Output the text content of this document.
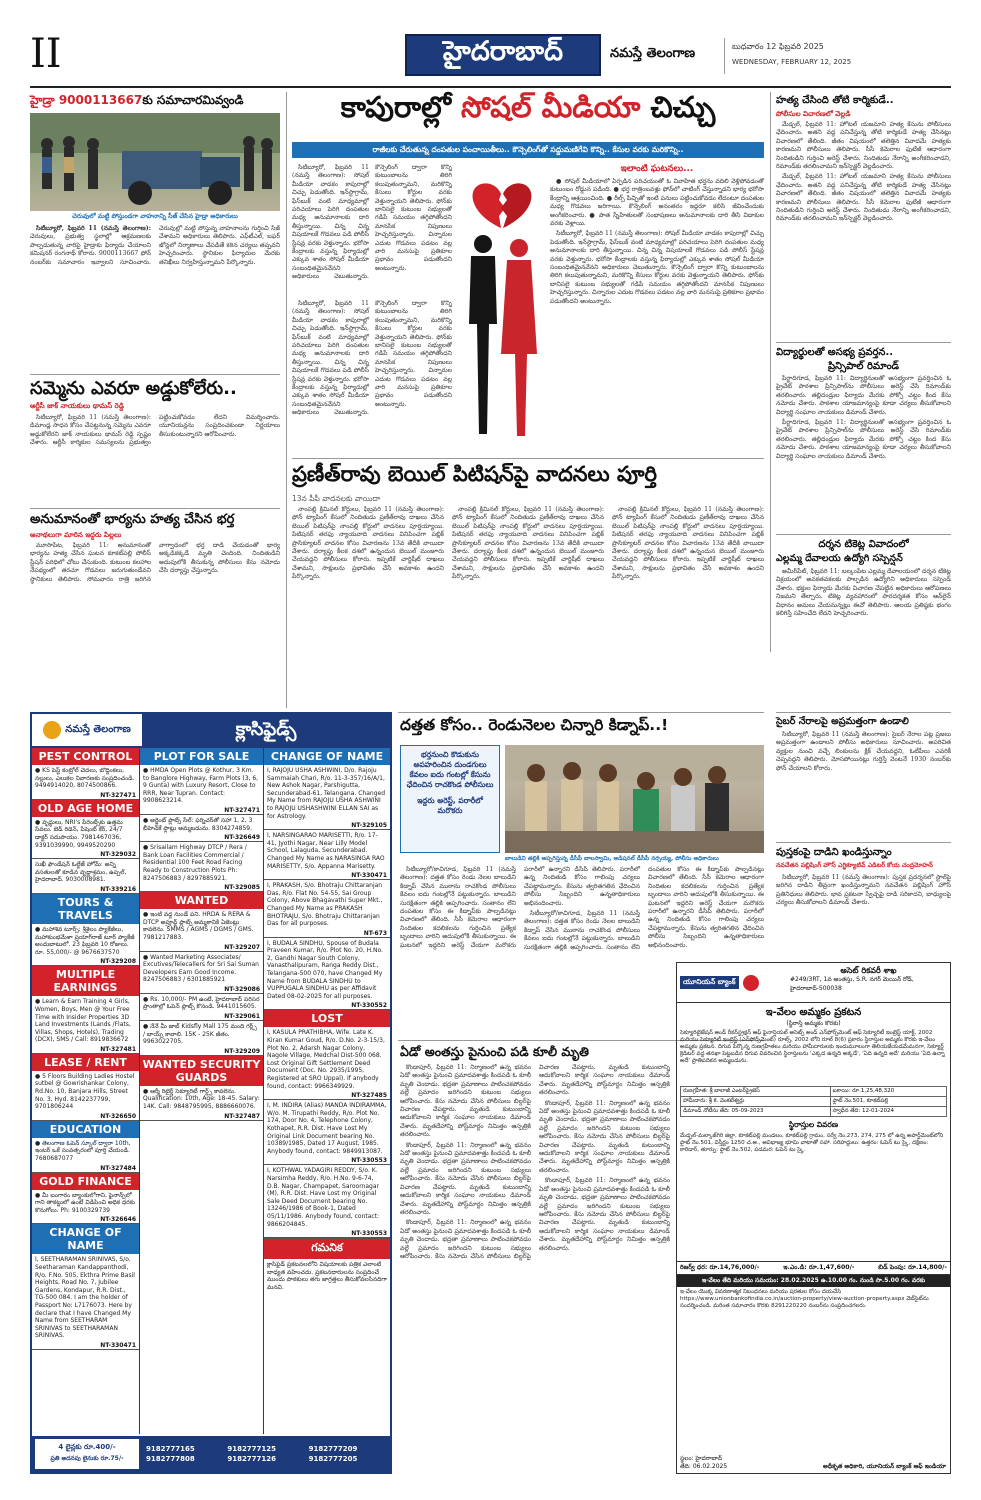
II	హైదరాబాద్	నమస్తే తెలంగాణ	బుధవారం 12 ఫిబ్రవరి 2025
WEDNESDAY, FEBRUARY 12, 2025
హైడ్రా 9000113667కు సమాచారమివ్వండి
చెరువులో మట్టి పోస్తుండగా వాహనాన్ని సీజ్ చేసిన హైడ్రా అధికారులు

సిటీబ్యూరో, ఫిబ్రవరి 11 (నమస్తే తెలంగాణ): చెరువులు, ప్రభుత్వ స్థలాల్లో ఆక్రమణలకు పాల్పడుతున్న వారిపై హైడ్రాకు ఫిర్యాదు చేయాలని కమిషనర్ రంగనాథ్ కోరారు. 9000113667 ఫోన్ నంబర్‌కు సమాచారం ఇవ్వాలని సూచించారు. చెరువుల్లో మట్టి పోస్తున్న వాహనాలను గుర్తించి సీజ్ చేశామని అధికారులు తెలిపారు. ఎఫ్‌టీఎల్, బఫర్ జోన్లలో నిర్మాణాలు చేపడితే కఠిన చర్యలు తప్పవని హెచ్చరించారు. స్థానికుల ఫిర్యాదుల మేరకు తనిఖీలు నిర్వహిస్తున్నామని పేర్కొన్నారు.

సమ్మెను ఎవరూ అడ్డుకోలేరు..
ఆర్టీసీ జాక్ నాయకులు థామస్ రెడ్డి

సిటీబ్యూరో, ఫిబ్రవరి 11 (నమస్తే తెలంగాణ): డిమాండ్ల సాధన కోసం చేపట్టనున్న సమ్మెను ఎవరూ అడ్డుకోలేరని జాక్ నాయకులు థామస్ రెడ్డి స్పష్టం చేశారు. ఆర్టీసీ కార్మికుల సమస్యలను ప్రభుత్వం పట్టించుకోవడం లేదని విమర్శించారు. యూనియన్లను సంప్రదించకుండా నిర్ణయాలు తీసుకుంటున్నారని ఆరోపించారు.

అనుమానంతో భార్యను హత్య చేసిన భర్త
అనాథలుగా మారిన ఇద్దరు పిల్లలు

మూసాపేట, ఫిబ్రవరి 11: అనుమానంతో భార్యను హత్య చేసిన ఘటన కూకట్‌పల్లి పోలీస్ స్టేషన్ పరిధిలో చోటు చేసుకుంది. కుటుంబ కలహాల నేపథ్యంలో తరచూ గొడవలు జరుగుతుండేవని స్థానికులు తెలిపారు. సోమవారం రాత్రి జరిగిన వాగ్వాదంలో భర్త దాడి చేయడంతో భార్య అక్కడికక్కడే మృతి చెందింది. నిందితుడిని అదుపులోకి తీసుకున్న పోలీసులు కేసు నమోదు చేసి దర్యాప్తు చేస్తున్నారు.

కాపురాల్లో సోషల్ మీడియా చిచ్చు
రాజీలకు చేరుతున్న దంపతుల పంచాయితీలు.. కౌన్సెలింగ్‌తో సద్దుమణిగేవి కొన్ని.. కేసుల వరకు మరికొన్ని..

సిటీబ్యూరో, ఫిబ్రవరి 11 (నమస్తే తెలంగాణ): సోషల్ మీడియా వాడకం కాపురాల్లో చిచ్చు పెడుతోంది. ఇన్‌స్టాగ్రామ్, ఫేస్‌బుక్ వంటి మాధ్యమాల్లో పరిచయాలు పెరిగి దంపతుల మధ్య అనుమానాలకు దారి తీస్తున్నాయి. చిన్న చిన్న విషయాలకే గొడవలు పడి పోలీస్ స్టేషన్ల వరకు వెళ్తున్నారు. భరోసా కేంద్రాలకు వస్తున్న ఫిర్యాదుల్లో ఎక్కువ శాతం సోషల్ మీడియా సంబంధితమైనవేనని అధికారులు చెబుతున్నారు. కౌన్సెలింగ్ ద్వారా కొన్ని కుటుంబాలను తిరిగి కలుపుతున్నామని, మరికొన్ని కేసులు కోర్టుల వరకు వెళ్తున్నాయని తెలిపారు. ఫోన్‌కు బానిసలై కుటుంబ సభ్యులతో గడిపే సమయం తగ్గిపోతోందని మానసిక నిపుణులు హెచ్చరిస్తున్నారు. చిన్నారుల ఎదుట గొడవలు పడటం వల్ల వారి మనసుపై ప్రతికూల ప్రభావం పడుతోందని అంటున్నారు.

సిటీబ్యూరో, ఫిబ్రవరి 11 (నమస్తే తెలంగాణ): సోషల్ మీడియా వాడకం కాపురాల్లో చిచ్చు పెడుతోంది. ఇన్‌స్టాగ్రామ్, ఫేస్‌బుక్ వంటి మాధ్యమాల్లో పరిచయాలు పెరిగి దంపతుల మధ్య అనుమానాలకు దారి తీస్తున్నాయి. చిన్న చిన్న విషయాలకే గొడవలు పడి పోలీస్ స్టేషన్ల వరకు వెళ్తున్నారు. భరోసా కేంద్రాలకు వస్తున్న ఫిర్యాదుల్లో ఎక్కువ శాతం సోషల్ మీడియా సంబంధితమైనవేనని అధికారులు చెబుతున్నారు. కౌన్సెలింగ్ ద్వారా కొన్ని కుటుంబాలను తిరిగి కలుపుతున్నామని, మరికొన్ని కేసులు కోర్టుల వరకు వెళ్తున్నాయని తెలిపారు. ఫోన్‌కు బానిసలై కుటుంబ సభ్యులతో గడిపే సమయం తగ్గిపోతోందని మానసిక నిపుణులు హెచ్చరిస్తున్నారు. చిన్నారుల ఎదుట గొడవలు పడటం వల్ల వారి మనసుపై ప్రతికూల ప్రభావం పడుతోందని అంటున్నారు.

ఇలాంటి ఘటనలు...

● సోషల్ మీడియాలో ఏర్పడిన పరిచయంతో ఓ వివాహిత భర్తను వదిలి వెళ్లిపోవడంతో కుటుంబం రోడ్డున పడింది. ● భర్త రాత్రింబవళ్లు ఫోన్‌లో చాటింగ్ చేస్తున్నాడని భార్య భరోసా కేంద్రాన్ని ఆశ్రయించింది. ● రీల్స్ పిచ్చితో ఇంటి పనులు పట్టించుకోవడం లేదంటూ దంపతుల మధ్య గొడవలు జరిగాయి. కౌన్సెలింగ్ అనంతరం ఇద్దరూ కలిసి జీవించేందుకు అంగీకరించారు. ● పాత స్నేహితులతో సంభాషణలు అనుమానాలకు దారి తీసి విడాకుల వరకు వెళ్లాయి.

సిటీబ్యూరో, ఫిబ్రవరి 11 (నమస్తే తెలంగాణ): సోషల్ మీడియా వాడకం కాపురాల్లో చిచ్చు పెడుతోంది. ఇన్‌స్టాగ్రామ్, ఫేస్‌బుక్ వంటి మాధ్యమాల్లో పరిచయాలు పెరిగి దంపతుల మధ్య అనుమానాలకు దారి తీస్తున్నాయి. చిన్న చిన్న విషయాలకే గొడవలు పడి పోలీస్ స్టేషన్ల వరకు వెళ్తున్నారు. భరోసా కేంద్రాలకు వస్తున్న ఫిర్యాదుల్లో ఎక్కువ శాతం సోషల్ మీడియా సంబంధితమైనవేనని అధికారులు చెబుతున్నారు. కౌన్సెలింగ్ ద్వారా కొన్ని కుటుంబాలను తిరిగి కలుపుతున్నామని, మరికొన్ని కేసులు కోర్టుల వరకు వెళ్తున్నాయని తెలిపారు. ఫోన్‌కు బానిసలై కుటుంబ సభ్యులతో గడిపే సమయం తగ్గిపోతోందని మానసిక నిపుణులు హెచ్చరిస్తున్నారు. చిన్నారుల ఎదుట గొడవలు పడటం వల్ల వారి మనసుపై ప్రతికూల ప్రభావం పడుతోందని అంటున్నారు.

ప్రణీత్‌రావు బెయిల్ పిటిషన్‌పై వాదనలు పూర్తి
13న పీపీ వాదనలకు వాయిదా

నాంపల్లి క్రిమినల్ కోర్టులు, ఫిబ్రవరి 11 (నమస్తే తెలంగాణ): ఫోన్ ట్యాపింగ్ కేసులో నిందితుడు ప్రణీత్‌రావు దాఖలు చేసిన బెయిల్ పిటిషన్‌పై నాంపల్లి కోర్టులో వాదనలు పూర్తయ్యాయి. పిటిషనర్ తరఫు న్యాయవాది వాదనలు వినిపించగా పబ్లిక్ ప్రాసిక్యూటర్ వాదనల కోసం విచారణను 13వ తేదీకి వాయిదా వేశారు. దర్యాప్తు కీలక దశలో ఉన్నందున బెయిల్ మంజూరు చేయవద్దని పోలీసులు కోరారు. ఇప్పటికే చార్జిషీట్ దాఖలు చేశామని, సాక్షులను ప్రభావితం చేసే అవకాశం ఉందని పేర్కొన్నారు.

నాంపల్లి క్రిమినల్ కోర్టులు, ఫిబ్రవరి 11 (నమస్తే తెలంగాణ): ఫోన్ ట్యాపింగ్ కేసులో నిందితుడు ప్రణీత్‌రావు దాఖలు చేసిన బెయిల్ పిటిషన్‌పై నాంపల్లి కోర్టులో వాదనలు పూర్తయ్యాయి. పిటిషనర్ తరఫు న్యాయవాది వాదనలు వినిపించగా పబ్లిక్ ప్రాసిక్యూటర్ వాదనల కోసం విచారణను 13వ తేదీకి వాయిదా వేశారు. దర్యాప్తు కీలక దశలో ఉన్నందున బెయిల్ మంజూరు చేయవద్దని పోలీసులు కోరారు. ఇప్పటికే చార్జిషీట్ దాఖలు చేశామని, సాక్షులను ప్రభావితం చేసే అవకాశం ఉందని పేర్కొన్నారు.

నాంపల్లి క్రిమినల్ కోర్టులు, ఫిబ్రవరి 11 (నమస్తే తెలంగాణ): ఫోన్ ట్యాపింగ్ కేసులో నిందితుడు ప్రణీత్‌రావు దాఖలు చేసిన బెయిల్ పిటిషన్‌పై నాంపల్లి కోర్టులో వాదనలు పూర్తయ్యాయి. పిటిషనర్ తరఫు న్యాయవాది వాదనలు వినిపించగా పబ్లిక్ ప్రాసిక్యూటర్ వాదనల కోసం విచారణను 13వ తేదీకి వాయిదా వేశారు. దర్యాప్తు కీలక దశలో ఉన్నందున బెయిల్ మంజూరు చేయవద్దని పోలీసులు కోరారు. ఇప్పటికే చార్జిషీట్ దాఖలు చేశామని, సాక్షులను ప్రభావితం చేసే అవకాశం ఉందని పేర్కొన్నారు.

హత్య చేసింది తోటి కార్మికుడే..
పోలీసుల విచారణలో వెల్లడి

మేడ్చల్, ఫిబ్రవరి 11: హోటల్ యజమాని హత్య కేసును పోలీసులు ఛేదించారు. అతని వద్ద పనిచేస్తున్న తోటి కార్మికుడే హత్య చేసినట్లు విచారణలో తేలింది. జీతం విషయంలో తలెత్తిన వివాదమే హత్యకు కారణమని పోలీసులు తెలిపారు. సీసీ కెమెరాల ఫుటేజీ ఆధారంగా నిందితుడిని గుర్తించి అరెస్ట్ చేశారు. నిందితుడు నేరాన్ని అంగీకరించాడని, రిమాండ్‌కు తరలించామని ఇన్‌స్పెక్టర్ వెల్లడించారు.

మేడ్చల్, ఫిబ్రవరి 11: హోటల్ యజమాని హత్య కేసును పోలీసులు ఛేదించారు. అతని వద్ద పనిచేస్తున్న తోటి కార్మికుడే హత్య చేసినట్లు విచారణలో తేలింది. జీతం విషయంలో తలెత్తిన వివాదమే హత్యకు కారణమని పోలీసులు తెలిపారు. సీసీ కెమెరాల ఫుటేజీ ఆధారంగా నిందితుడిని గుర్తించి అరెస్ట్ చేశారు. నిందితుడు నేరాన్ని అంగీకరించాడని, రిమాండ్‌కు తరలించామని ఇన్‌స్పెక్టర్ వెల్లడించారు.

విద్యార్థులతో అసభ్య ప్రవర్తన..
ప్రిన్సిపాల్ రిమాండ్

పీర్జాదిగూడ, ఫిబ్రవరి 11: విద్యార్థినులతో అసభ్యంగా ప్రవర్తించిన ఓ ప్రైవేట్ పాఠశాల ప్రిన్సిపాల్‌ను పోలీసులు అరెస్ట్ చేసి రిమాండ్‌కు తరలించారు. తల్లిదండ్రుల ఫిర్యాదు మేరకు పోక్సో చట్టం కింద కేసు నమోదు చేశారు. పాఠశాల యాజమాన్యంపై కూడా చర్యలు తీసుకోవాలని విద్యార్థి సంఘాల నాయకులు డిమాండ్ చేశారు.

పీర్జాదిగూడ, ఫిబ్రవరి 11: విద్యార్థినులతో అసభ్యంగా ప్రవర్తించిన ఓ ప్రైవేట్ పాఠశాల ప్రిన్సిపాల్‌ను పోలీసులు అరెస్ట్ చేసి రిమాండ్‌కు తరలించారు. తల్లిదండ్రుల ఫిర్యాదు మేరకు పోక్సో చట్టం కింద కేసు నమోదు చేశారు. పాఠశాల యాజమాన్యంపై కూడా చర్యలు తీసుకోవాలని విద్యార్థి సంఘాల నాయకులు డిమాండ్ చేశారు.

దర్శన టికెట్ల వివాదంలో
ఎల్లమ్మ దేవాలయ ఉద్యోగి సస్పెన్షన్

అమీర్‌పేట్, ఫిబ్రవరి 11: బల్కంపేట ఎల్లమ్మ దేవాలయంలో దర్శన టికెట్ల విక్రయంలో అవకతవకలకు పాల్పడిన ఉద్యోగిని అధికారులు సస్పెండ్ చేశారు. భక్తుల ఫిర్యాదు మేరకు విచారణ చేపట్టిన అధికారులు ఆరోపణలు నిజమని తేల్చారు. టికెట్ల వ్యవహారంలో పారదర్శకత కోసం ఆన్‌లైన్ విధానం అమలు చేయనున్నట్లు ఈవో తెలిపారు. ఆలయ ప్రతిష్ఠకు భంగం కలిగిస్తే సహించేది లేదని హెచ్చరించారు.

సైబర్ నేరాలపై అప్రమత్తంగా ఉండాలి

సిటీబ్యూరో, ఫిబ్రవరి 11 (నమస్తే తెలంగాణ): సైబర్ నేరాల పట్ల ప్రజలు అప్రమత్తంగా ఉండాలని పోలీసు అధికారులు సూచించారు. అపరిచిత వ్యక్తుల నుంచి వచ్చే లింకులను క్లిక్ చేయవద్దని, ఓటీపీలు ఎవరికీ చెప్పవద్దని తెలిపారు. మోసపోయినట్లు గుర్తిస్తే వెంటనే 1930 నంబర్‌కు ఫోన్ చేయాలని కోరారు.

పుస్తకంపై దాడిని ఖండిస్తున్నాం
నవచేతన పబ్లిషింగ్ హౌస్ ఎగ్జిక్యూటివ్ ఎడిటర్ కోయ చంద్రమోహన్

సిటీబ్యూరో, ఫిబ్రవరి 11 (నమస్తే తెలంగాణ): పుస్తక ప్రదర్శనలో స్టాల్‌పై జరిగిన దాడిని తీవ్రంగా ఖండిస్తున్నామని నవచేతన పబ్లిషింగ్ హౌస్ ప్రతినిధులు తెలిపారు. భావ ప్రకటనా స్వేచ్ఛపై దాడి సరికాదని, బాధ్యులపై చర్యలు తీసుకోవాలని డిమాండ్ చేశారు.

దత్తత కోసం.. రెండునెలల చిన్నారి కిడ్నాప్..!
భర్తనుంచి కొడుకును అపహరించిన దుండగులు కేవలం ఐదు గంటల్లో కేసును ఛేదించిన రాచకొండ పోలీసులు
ఇద్దరు అరెస్ట్, పరారీలో మరొకరు
బాలుడిని తల్లికి అప్పగిస్తున్న డీసీపీ బాలస్వామి, అడిషనల్ డీసీపీ నర్సయ్య, పోలీసు అధికారులు

సిటీబ్యూరో/కాచిగూడ, ఫిబ్రవరి 11 (నమస్తే తెలంగాణ): దత్తత కోసం రెండు నెలల బాలుడిని కిడ్నాప్ చేసిన ముఠాను రాచకొండ పోలీసులు కేవలం ఐదు గంటల్లోనే పట్టుకున్నారు. బాలుడిని సురక్షితంగా తల్లికి అప్పగించారు. సంతానం లేని దంపతుల కోసం ఈ కిడ్నాప్‌కు పాల్పడినట్లు విచారణలో తేలింది. సీసీ కెమెరాల ఆధారంగా నిందితుల కదలికలను గుర్తించిన ప్రత్యేక బృందాలు వారిని అదుపులోకి తీసుకున్నాయి. ఈ ఘటనలో ఇద్దరిని అరెస్ట్ చేయగా మరొకరు పరారీలో ఉన్నారని డీసీపీ తెలిపారు. పరారీలో ఉన్న నిందితుడి కోసం గాలింపు చర్యలు చేపట్టామన్నారు. కేసును త్వరితగతిన ఛేదించిన పోలీసు సిబ్బందిని ఉన్నతాధికారులు అభినందించారు.

సిటీబ్యూరో/కాచిగూడ, ఫిబ్రవరి 11 (నమస్తే తెలంగాణ): దత్తత కోసం రెండు నెలల బాలుడిని కిడ్నాప్ చేసిన ముఠాను రాచకొండ పోలీసులు కేవలం ఐదు గంటల్లోనే పట్టుకున్నారు. బాలుడిని సురక్షితంగా తల్లికి అప్పగించారు. సంతానం లేని దంపతుల కోసం ఈ కిడ్నాప్‌కు పాల్పడినట్లు విచారణలో తేలింది. సీసీ కెమెరాల ఆధారంగా నిందితుల కదలికలను గుర్తించిన ప్రత్యేక బృందాలు వారిని అదుపులోకి తీసుకున్నాయి. ఈ ఘటనలో ఇద్దరిని అరెస్ట్ చేయగా మరొకరు పరారీలో ఉన్నారని డీసీపీ తెలిపారు. పరారీలో ఉన్న నిందితుడి కోసం గాలింపు చర్యలు చేపట్టామన్నారు. కేసును త్వరితగతిన ఛేదించిన పోలీసు సిబ్బందిని ఉన్నతాధికారులు అభినందించారు.

ఏడో అంతస్తు పైనుంచి పడి కూలీ మృతి

కొండాపూర్, ఫిబ్రవరి 11: నిర్మాణంలో ఉన్న భవనం ఏడో అంతస్తు పైనుంచి ప్రమాదవశాత్తు కిందపడి ఓ కూలీ మృతి చెందాడు. భద్రతా ప్రమాణాలు పాటించకపోవడం వల్లే ప్రమాదం జరిగిందని కుటుంబ సభ్యులు ఆరోపించారు. కేసు నమోదు చేసిన పోలీసులు బిల్డర్‌పై విచారణ చేపట్టారు. మృతుడి కుటుంబాన్ని ఆదుకోవాలని కార్మిక సంఘాల నాయకులు డిమాండ్ చేశారు. మృతదేహాన్ని పోస్ట్‌మార్టం నిమిత్తం ఆస్పత్రికి తరలించారు.

కొండాపూర్, ఫిబ్రవరి 11: నిర్మాణంలో ఉన్న భవనం ఏడో అంతస్తు పైనుంచి ప్రమాదవశాత్తు కిందపడి ఓ కూలీ మృతి చెందాడు. భద్రతా ప్రమాణాలు పాటించకపోవడం వల్లే ప్రమాదం జరిగిందని కుటుంబ సభ్యులు ఆరోపించారు. కేసు నమోదు చేసిన పోలీసులు బిల్డర్‌పై విచారణ చేపట్టారు. మృతుడి కుటుంబాన్ని ఆదుకోవాలని కార్మిక సంఘాల నాయకులు డిమాండ్ చేశారు. మృతదేహాన్ని పోస్ట్‌మార్టం నిమిత్తం ఆస్పత్రికి తరలించారు.

కొండాపూర్, ఫిబ్రవరి 11: నిర్మాణంలో ఉన్న భవనం ఏడో అంతస్తు పైనుంచి ప్రమాదవశాత్తు కిందపడి ఓ కూలీ మృతి చెందాడు. భద్రతా ప్రమాణాలు పాటించకపోవడం వల్లే ప్రమాదం జరిగిందని కుటుంబ సభ్యులు ఆరోపించారు. కేసు నమోదు చేసిన పోలీసులు బిల్డర్‌పై విచారణ చేపట్టారు. మృతుడి కుటుంబాన్ని ఆదుకోవాలని కార్మిక సంఘాల నాయకులు డిమాండ్ చేశారు. మృతదేహాన్ని పోస్ట్‌మార్టం నిమిత్తం ఆస్పత్రికి తరలించారు.

కొండాపూర్, ఫిబ్రవరి 11: నిర్మాణంలో ఉన్న భవనం ఏడో అంతస్తు పైనుంచి ప్రమాదవశాత్తు కిందపడి ఓ కూలీ మృతి చెందాడు. భద్రతా ప్రమాణాలు పాటించకపోవడం వల్లే ప్రమాదం జరిగిందని కుటుంబ సభ్యులు ఆరోపించారు. కేసు నమోదు చేసిన పోలీసులు బిల్డర్‌పై విచారణ చేపట్టారు. మృతుడి కుటుంబాన్ని ఆదుకోవాలని కార్మిక సంఘాల నాయకులు డిమాండ్ చేశారు. మృతదేహాన్ని పోస్ట్‌మార్టం నిమిత్తం ఆస్పత్రికి తరలించారు.

కొండాపూర్, ఫిబ్రవరి 11: నిర్మాణంలో ఉన్న భవనం ఏడో అంతస్తు పైనుంచి ప్రమాదవశాత్తు కిందపడి ఓ కూలీ మృతి చెందాడు. భద్రతా ప్రమాణాలు పాటించకపోవడం వల్లే ప్రమాదం జరిగిందని కుటుంబ సభ్యులు ఆరోపించారు. కేసు నమోదు చేసిన పోలీసులు బిల్డర్‌పై విచారణ చేపట్టారు. మృతుడి కుటుంబాన్ని ఆదుకోవాలని కార్మిక సంఘాల నాయకులు డిమాండ్ చేశారు. మృతదేహాన్ని పోస్ట్‌మార్టం నిమిత్తం ఆస్పత్రికి తరలించారు.

నమస్తే తెలంగాణ	క్లాసిఫైడ్స్
PEST CONTROL
● KS పెస్ట్ కంట్రోల్ చెదలు, బొద్దింకలు, నల్లులు, ఎలుకల నివారణకు సంప్రదించండి. 9494914020, 8074500866.
NT-327471
OLD AGE HOME
● వృద్ధులు, NRI's పేరెంట్స్‌కు ఉత్తమ సేవలు. బెడ్ రిడెన్, పేషెంట్ కేర్, 24/7 డాక్టర్ సదుపాయం. 7981467036, 9391039990, 9949520290
NT-329032
సుఖీ ఫౌండేషన్ ఓల్డేజ్ హోమ్: అన్ని వసతులతో కూడిన వృద్ధాశ్రమం, ఉప్పల్, హైదరాబాద్. 9030008981.
NT-339216
TOURS & TRAVELS
● మహాశివ టూర్స్: శ్రీశైలం ప్యాకేజీలు, మహాకుంభమేళా ప్రయాగ్‌రాజ్ టూర్ ప్యాకేజీ అందుబాటులో. 23 ఫిబ్రవరి 10 రోజులు. రూ. 55,000/- @ 9676637570
NT-329208
MULTIPLE EARNINGS
● Learn & Earn Training 4 Girls, Women, Boys, Men @ Your Free Time with Insider Properties 3D Land Investments (Lands /Flats, Villas, Shops, Hotels), Trading (DCX), SMS / Call: 8919836672
NT-327481
LEASE / RENT
● 5 Floors Building Ladies Hostel sutbel @ Gowrishankar Colony, Rd.No. 10, Banjara Hills, Street No. 3, Hyd. 8142237799, 9701806244
NT-326650
EDUCATION
● తెలంగాణ ఓపెన్ స్కూల్ ద్వారా 10th, ఇంటర్ ఒకే సంవత్సరంలో పూర్తి చేయండి. 7680687077
NT-327484
GOLD FINANCE
● మీ బంగారం బ్యాంకులోగాని, ఫైనాన్స్‌లో గాని తాకట్టులో ఉంటే విడిపించి అధిక ధరకు కొనుగోలు. Ph: 9100329739
NT-326646
CHANGE OF NAME
I, SEETHARAMAN SRINIVAS, S/o. Seetharaman Kandappanthodi, R/o. F.No. 505, Ekthra Prime Basil Heights, Road No. 7, Jubilee Gardens, Kondapur, R.R. Dist., TG-500 084. I am the holder of Passport No: L7176073. Here by declare that I have Changed My Name from SEETHARAM SRINIVAS to SEETHARAMAN SRINIVAS.
NT-330471
PLOT FOR SALE
● HMDA Open Plots @ Kothur, 3 Km. to Banglore Highway, Farm Plots (3, 6, 9 Gunta) with Luxury Resort, Close to RRR, Near Tupran. Contact: 9908623214.
NT-327471
● అర్జెంట్ ఫ్లాట్స్ సేల్: ఫర్నిచర్‌తో సహా 1, 2, 3 బీహెచ్‌కే ఫ్లాట్లు అమ్మబడును. 8304274859.
NT-326649
● Srisailam Highway DTCP / Rera / Bank Loan Facilities Commercial / Residential 100 Feet Road Facing Ready to Construction Plots Ph: 8247506883 / 8297885921.
NT-329085
WANTED
● ఇంటి వద్ద నుండే పని. HRDA & RERA & DTCP అప్రూవ్డ్ ప్లాట్స్ అమ్మకానికి ఏజెంట్లు కావలెను. SMMS / AGMS / DGMS / GMS. 7981217883.
NT-329207
● Wanted Marketing Associates/ Excutives/Telecallers for Sri Sai Suman Developers Earn Good Income. 8247506883 / 6301885921
NT-329086
● Rs. 10,000/- PM ఉంటే, హైదరాబాద్ పరిసర ప్రాంతాల్లో ఓపెన్ ప్లాట్స్ కొనండి. 9441015605.
NT-329061
● నేనే మీ జాబ్ Kidsfly Mall 175 మంది గర్ల్స్ / బాయ్స్ కావాలి. 15K - 25K జీతం. 9963022705.
NT-329209
WANTED SECURITY GUARDS
● ఆర్మీ రిటైర్డ్ సెక్యూరిటీ గార్డ్స్ కావలెను. Qualification: 10th, Age: 18-45. Salary: 14K. Call: 9848795995, 8886660076.
NT-327487
CHANGE OF NAME
I, RAJOJU USHA ASHWINI, D/o. Rajoju Sammaiah Chari, R/o. 11-3-357/16/A/1, New Ashok Nagar, Parshigutta, Secunderabad-61, Telangana. Changed My Name from RAJOJU USHA ASHWINI to RAJOJU USHASHWINI ELLAN SAI as for Astrology.
NT-329105
I, NARSINGARAO MARISETTI, R/o. 17-41, Jyothi Nagar, Near Lilly Model School, Lalaguda, Secunderabad. Changed My Name as NARASINGA RAO MARISETTY, S/o. Appanna Marisetty.
NT-330471
I, PRAKASH, S/o. Bhotraju Chittaranjan Das, R/o. Flat No. 54-55, Sai Group Colony, Above Bhagavathi Super Mkt., Changed My Name as PRAKASH BHOTRAJU, S/o. Bhotraju Chittaranjan Das for all purposes.
NT-673
I, BUDALA SINDHU, Spouse of Budala Praveen Kumar, R/o. Plot No. 20, H.No. 2, Gandhi Nagar South Colony, Vanasthalipuram, Ranga Reddy Dist., Telangana-500 070, have Changed My Name from BUDALA SINDHU to VUPPUGALA SINDHU as per Affidavit Dated 08-02-2025 for all purposes.
NT-330552
LOST
I, KASULA PRATHIBHA, Wife. Late K. Kiran Kumar Goud, R/o. D.No. 2-3-15/3, Plot No. 2, Adarsh Nagar Colony, Nagole Village, Medchal Dist-500 068. Lost Original Gift Settlement Deed Document (Doc. No. 2935/1995, Registered at SRO Uppal). If anybody found, contact: 9966349929.
NT-327485
I, M. INDIRA (Alias) MANDA INDIRAMMA, W/o. M. Tirupathi Reddy, R/o. Plot No. 174, Door No. 4, Telephone Colony, Kothapet, R.R. Dist. Have Lost My Original Link Document bearing No. 10389/1985, Dated 17 August, 1985. Anybody found, contact: 9849913087.
NT-330553
I, KOTHWAL YADAGIRI REDDY, S/o. K. Narsimha Reddy, R/o. H.No. 9-6-74, D.B. Nagar, Champapet, Saroornagar (M), R.R. Dist. Have Lost my Original Sale Deed Document bearing No. 13246/1986 of Book-1, Dated 05/11/1986. Anybody found, contact: 9866204845.
NT-330553
గమనిక
క్లాసిఫైడ్ ప్రకటనలలోని విషయాలకు పత్రిక ఎలాంటి బాధ్యత వహించదు. ప్రకటనదారులను సంప్రదించే ముందు పాఠకులు తగు జాగ్రత్తలు తీసుకోవలసినదిగా మనవి.
4 లైన్లకు రూ.400/-
ప్రతి అదనపు లైనుకు రూ.75/-
9182777165	9182777125	9182777209
9182777808	9182777126	9182777205
యూనియన్ బ్యాంక్
అసెట్ రికవరీ శాఖ
#249/3RT, 1వ అంతస్తు, S.R. నగర్ మెయిన్ రోడ్, హైదరాబాద్-500038
ఇ-వేలం అమ్మకం ప్రకటన
(స్థిరాస్తి అమ్మకం కొరకు)
సెక్యూరిటైజేషన్ అండ్ రీకన్‌స్ట్రక్షన్ ఆఫ్ ఫైనాన్షియల్ అసెట్స్ అండ్ ఎన్‌ఫోర్స్‌మెంట్ ఆఫ్ సెక్యూరిటీ ఇంట్రెస్ట్ యాక్ట్, 2002 మరియు సెక్యూరిటీ ఇంట్రెస్ట్ (ఎన్‌ఫోర్స్‌మెంట్) రూల్స్, 2002 లోని రూల్ 8(6) ప్రకారం స్థిరాస్తుల అమ్మకం కొరకు ఇ-వేలం అమ్మకం ప్రకటన. దిగువ పేర్కొన్న రుణగ్రహీతలు మరియు హామీదారులకు ఇందుమూలంగా తెలియజేయడమేమనగా, సెక్యూర్డ్ క్రెడిటర్ వద్ద తనఖా పెట్టబడిన దిగువ వివరించిన స్థిరాస్తులను 'ఎక్కడ ఉన్నది అక్కడే', 'ఏది ఉన్నది అదే' మరియు 'ఏది ఉన్నా అదే' ప్రాతిపదికన అమ్మబడును.
రుణగ్రహీత: శ్రీ బాలాజీ ఎంటర్‌ప్రైజెస్	బకాయి: రూ.1,25,48,320
హామీదారు: శ్రీ కె. వెంకటేశ్వర్లు	ఫ్లాట్ నెం.501, కూకట్‌పల్లి
డిమాండ్ నోటీసు తేది: 05-09-2023	స్వాధీన తేది: 12-01-2024
స్థిరాస్తుల వివరణ
మేడ్చల్-మల్కాజ్‌గిరి జిల్లా, కూకట్‌పల్లి మండలం, కూకట్‌పల్లి గ్రామం, సర్వే నెం.273, 274, 275 లో ఉన్న అపార్ట్‌మెంట్‌లోని ఫ్లాట్ నెం.501, విస్తీర్ణం 1250 చ.అ., అవిభాజ్య భూమి వాటాతో సహా. సరిహద్దులు: ఉత్తరం: ఓపెన్ టు స్కై, దక్షిణం: కారిడార్, తూర్పు: ఫ్లాట్ నెం.502, పడమర: ఓపెన్ టు స్కై.
రిజర్వ్ ధర: రూ.14,76,000/-	ఇ.ఎం.డి: రూ.1,47,600/-	బిడ్ పెంపు: రూ.14,800/-
ఇ-వేలం తేది మరియు సమయం: 28.02.2025 ఉ.10.00 గం. నుండి సా.5.00 గం. వరకు
ఇ-వేలం యొక్క వివరణాత్మక నిబంధనలు మరియు షరతుల కోసం దయచేసి https://www.unionbankofindia.co.in/auction-property/view-auction-property.aspx వెబ్‌సైట్‌ను సందర్శించండి. మరింత సమాచారం కొరకు 8291220220 నంబర్‌ను సంప్రదించగలరు.
స్థలం: హైదరాబాద్
తేది: 06.02.2025	అధీకృత అధికారి, యూనియన్ బ్యాంక్ ఆఫ్ ఇండియా
